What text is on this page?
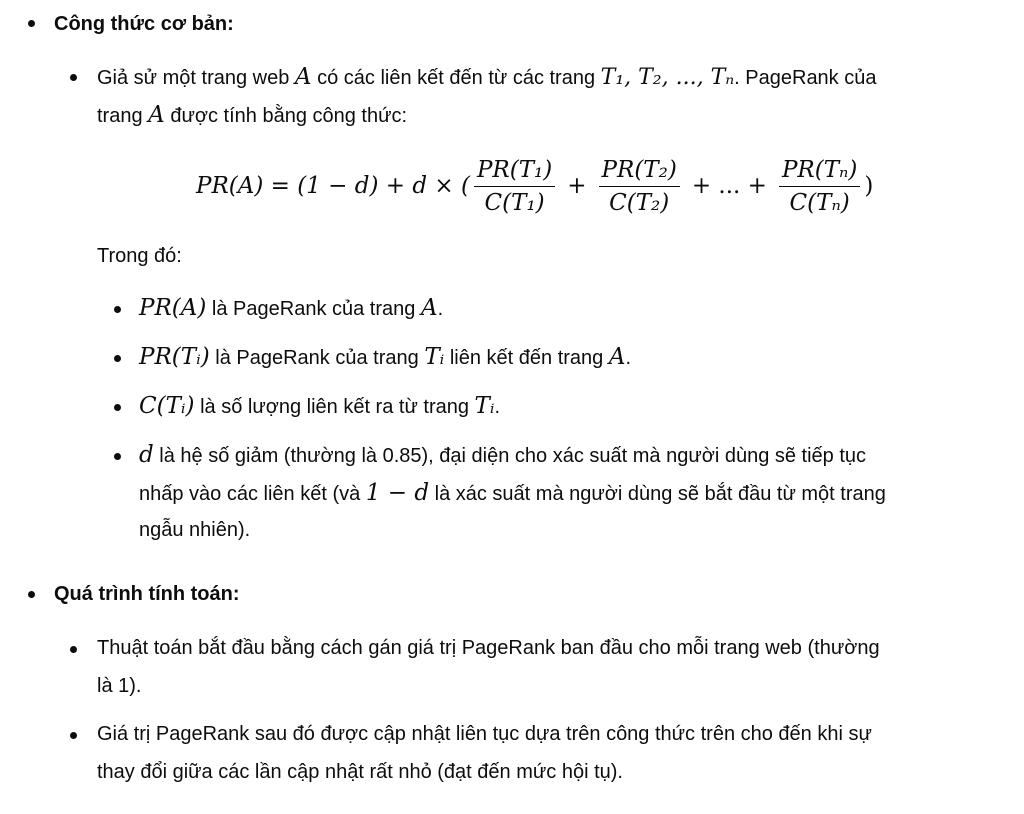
Công thức cơ bản:
Giả sử một trang web A có các liên kết đến từ các trang T₁, T₂, ..., Tₙ. PageRank của
trang A được tính bằng công thức:
PR(A) = (1 − d) + d × ( $\frac{\text{PR(T₁)}}{\text{C(T₁)}} + \frac{\text{PR(T₂)}}{\text{C(T₂)}}$ + ... + $\frac{\text{PR(Tₙ)}}{\text{C(Tₙ)}}$ )
Trong đó:
PR(A) là PageRank của trang A.
PR(Tᵢ) là PageRank của trang Tᵢ liên kết đến trang A.
C(Tᵢ) là số lượng liên kết ra từ trang Tᵢ.
d là hệ số giảm (thường là 0.85), đại diện cho xác suất mà người dùng sẽ tiếp tục
nhấp vào các liên kết (và 1 − d là xác suất mà người dùng sẽ bắt đầu từ một trang
ngẫu nhiên).
Quá trình tính toán:
Thuật toán bắt đầu bằng cách gán giá trị PageRank ban đầu cho mỗi trang web (thường
là 1).
Giá trị PageRank sau đó được cập nhật liên tục dựa trên công thức trên cho đến khi sự
thay đổi giữa các lần cập nhật rất nhỏ (đạt đến mức hội tụ).
